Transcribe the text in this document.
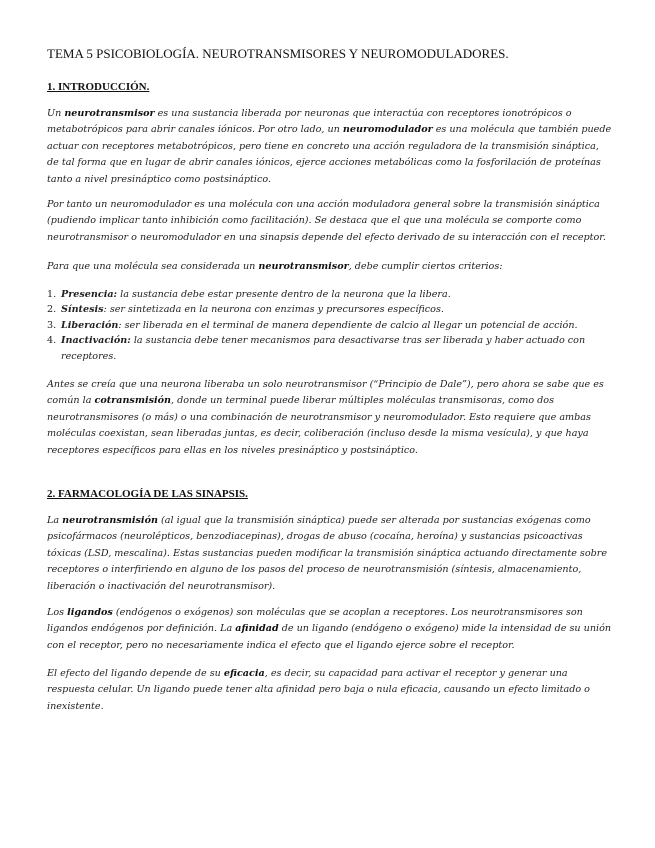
TEMA 5 PSICOBIOLOGÍA. NEUROTRANSMISORES Y NEUROMODULADORES.
1. INTRODUCCIÓN.

Un neurotransmisor es una sustancia liberada por neuronas que interactúa con receptores ionotrópicos o metabotrópicos para abrir canales iónicos. Por otro lado, un neuromodulador es una molécula que también puede actuar con receptores metabotrópicos, pero tiene en concreto una acción reguladora de la transmisión sináptica, de tal forma que en lugar de abrir canales iónicos, ejerce acciones metabólicas como la fosforilación de proteínas tanto a nivel presináptico como postsináptico.

Por tanto un neuromodulador es una molécula con una acción moduladora general sobre la transmisión sináptica (pudiendo implicar tanto inhibición como facilitación). Se destaca que el que una molécula se comporte como neurotransmisor o neuromodulador en una sinapsis depende del efecto derivado de su interacción con el receptor.

Para que una molécula sea considerada un neurotransmisor, debe cumplir ciertos criterios:

1. Presencia: la sustancia debe estar presente dentro de la neurona que la libera.
2. Síntesis: ser sintetizada en la neurona con enzimas y precursores específicos.
3. Liberación: ser liberada en el terminal de manera dependiente de calcio al llegar un potencial de acción.
4. Inactivación: la sustancia debe tener mecanismos para desactivarse tras ser liberada y haber actuado con receptores.

Antes se creía que una neurona liberaba un solo neurotransmisor (“Principio de Dale”), pero ahora se sabe que es común la cotransmisión, donde un terminal puede liberar múltiples moléculas transmisoras, como dos neurotransmisores (o más) o una combinación de neurotransmisor y neuromodulador. Esto requiere que ambas moléculas coexistan, sean liberadas juntas, es decir, coliberación (incluso desde la misma vesícula), y que haya receptores específicos para ellas en los niveles presináptico y postsináptico.

2. FARMACOLOGÍA DE LAS SINAPSIS.

La neurotransmisión (al igual que la transmisión sináptica) puede ser alterada por sustancias exógenas como psicofármacos (neurolépticos, benzodiacepinas), drogas de abuso (cocaína, heroína) y sustancias psicoactivas tóxicas (LSD, mescalina). Estas sustancias pueden modificar la transmisión sináptica actuando directamente sobre receptores o interfiriendo en alguno de los pasos del proceso de neurotransmisión (síntesis, almacenamiento, liberación o inactivación del neurotransmisor).

Los ligandos (endógenos o exógenos) son moléculas que se acoplan a receptores. Los neurotransmisores son ligandos endógenos por definición. La afinidad de un ligando (endógeno o exógeno) mide la intensidad de su unión con el receptor, pero no necesariamente indica el efecto que el ligando ejerce sobre el receptor.

El efecto del ligando depende de su eficacia, es decir, su capacidad para activar el receptor y generar una respuesta celular. Un ligando puede tener alta afinidad pero baja o nula eficacia, causando un efecto limitado o inexistente.
